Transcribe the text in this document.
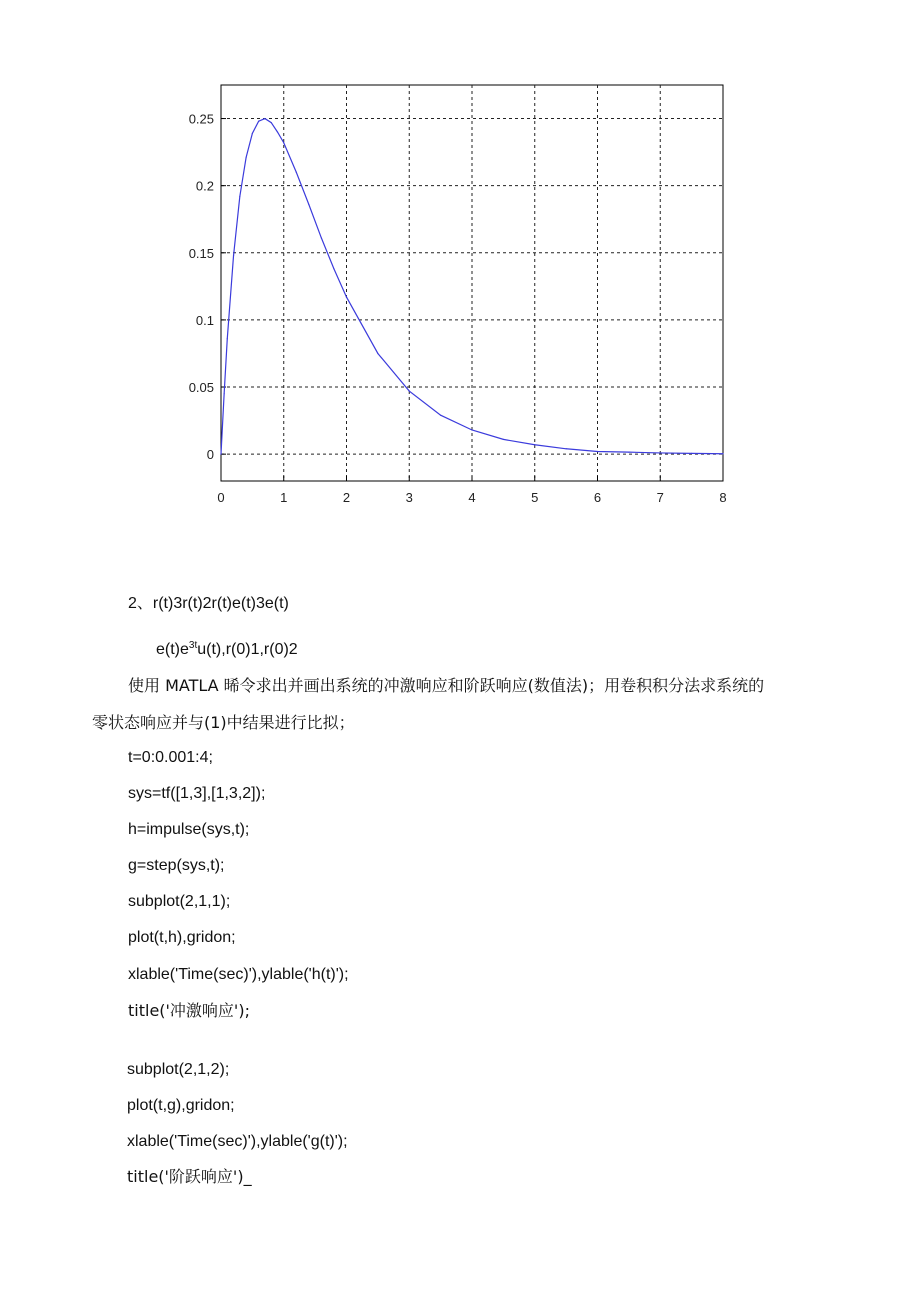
0	1	2	3	4	5	6	7	8
0
0.05
0.1
0.15
0.2
0.25
2、r(t)3r(t)2r(t)e(t)3e(t)
$e(t)e^{3t}u(t),r(0)1,r(0)2$
使用 MATLA 晞令求出并画出系统的冲激响应和阶跃响应(数值法)；用卷积积分法求系统的
零状态响应并与(1)中结果进行比拟；
t=0:0.001:4;
sys=tf([1,3],[1,3,2]);
h=impulse(sys,t);
g=step(sys,t);
subplot(2,1,1);
plot(t,h),gridon;
xlable('Time(sec)'),ylable('h(t)');
title('冲激响应');
subplot(2,1,2);
plot(t,g),gridon;
xlable('Time(sec)'),ylable('g(t)');
title('阶跃响应')_
